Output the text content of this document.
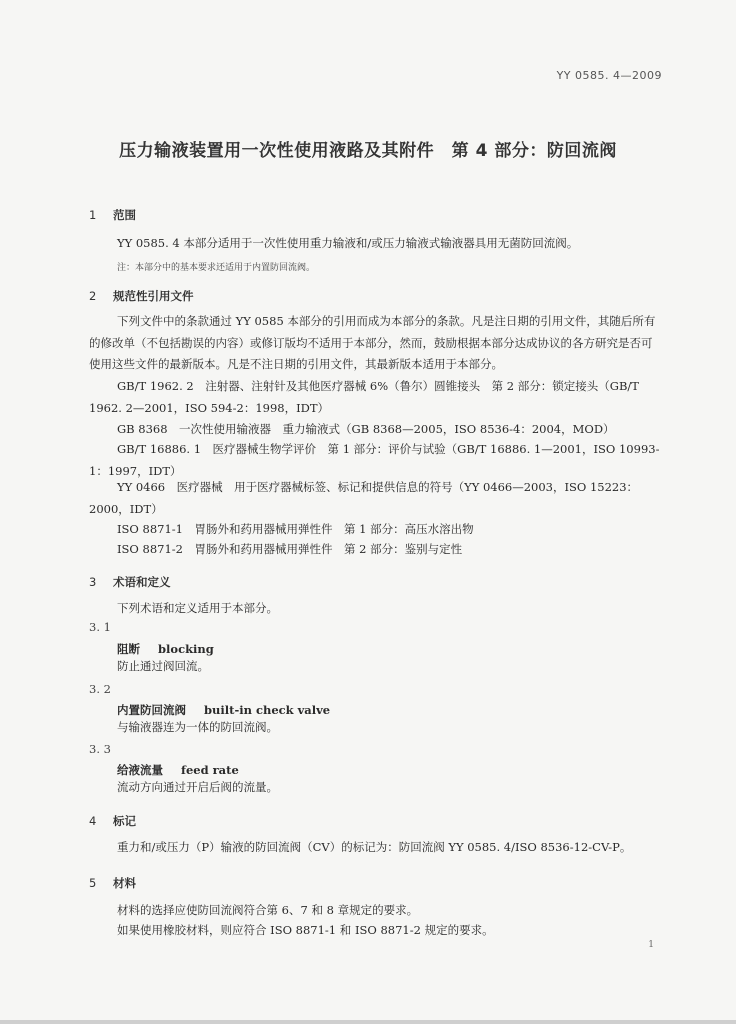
YY 0585. 4—2009
压力输液装置用一次性使用液路及其附件　第 4 部分：防回流阀
1 范围
YY 0585. 4 本部分适用于一次性使用重力输液和/或压力输液式输液器具用无菌防回流阀。
注：本部分中的基本要求还适用于内置防回流阀。
2 规范性引用文件
下列文件中的条款通过 YY 0585 本部分的引用而成为本部分的条款。凡是注日期的引用文件，其随后所有的修改单（不包括勘误的内容）或修订版均不适用于本部分，然而，鼓励根据本部分达成协议的各方研究是否可使用这些文件的最新版本。凡是不注日期的引用文件，其最新版本适用于本部分。
GB/T 1962. 2　注射器、注射针及其他医疗器械 6%（鲁尔）圆锥接头　第 2 部分：锁定接头（GB/T 1962. 2—2001，ISO 594-2：1998，IDT）
GB 8368　一次性使用输液器　重力输液式（GB 8368—2005，ISO 8536-4：2004，MOD）
GB/T 16886. 1　医疗器械生物学评价　第 1 部分：评价与试验（GB/T 16886. 1—2001，ISO 10993-1：1997，IDT）
YY 0466　医疗器械　用于医疗器械标签、标记和提供信息的符号（YY 0466—2003，ISO 15223：2000，IDT）
ISO 8871-1　胃肠外和药用器械用弹性件　第 1 部分：高压水溶出物
ISO 8871-2　胃肠外和药用器械用弹性件　第 2 部分：鉴别与定性
3 术语和定义
下列术语和定义适用于本部分。
3. 1
阻断 blocking
防止通过阀回流。
3. 2
内置防回流阀 built-in check valve
与输液器连为一体的防回流阀。
3. 3
给液流量 feed rate
流动方向通过开启后阀的流量。
4 标记
重力和/或压力（P）输液的防回流阀（CV）的标记为：防回流阀 YY 0585. 4/ISO 8536-12-CV-P。
5 材料
材料的选择应使防回流阀符合第 6、7 和 8 章规定的要求。
如果使用橡胶材料，则应符合 ISO 8871-1 和 ISO 8871-2 规定的要求。
1
